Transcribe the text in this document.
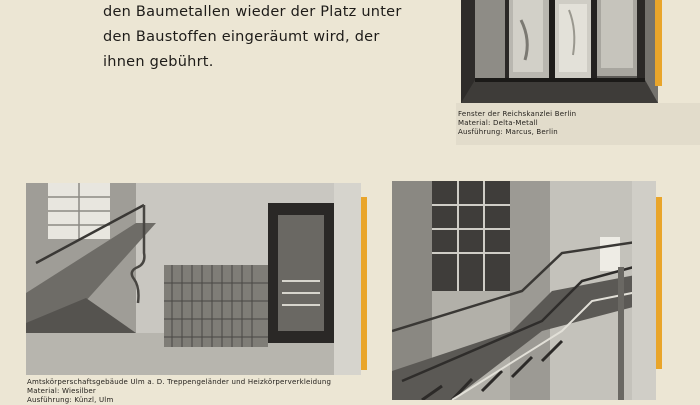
den Baumetallen wieder der Platz unter
den Baustoffen eingeräumt wird, der
ihnen gebührt.
Fenster der Reichskanzlei Berlin
Material: Delta-Metall
Ausführung: Marcus, Berlin
Amtskörperschaftsgebäude Ulm a. D. Treppengeländer und Heizkörperverkleidung
Material: Wiesilber
Ausführung: Künzl, Ulm
